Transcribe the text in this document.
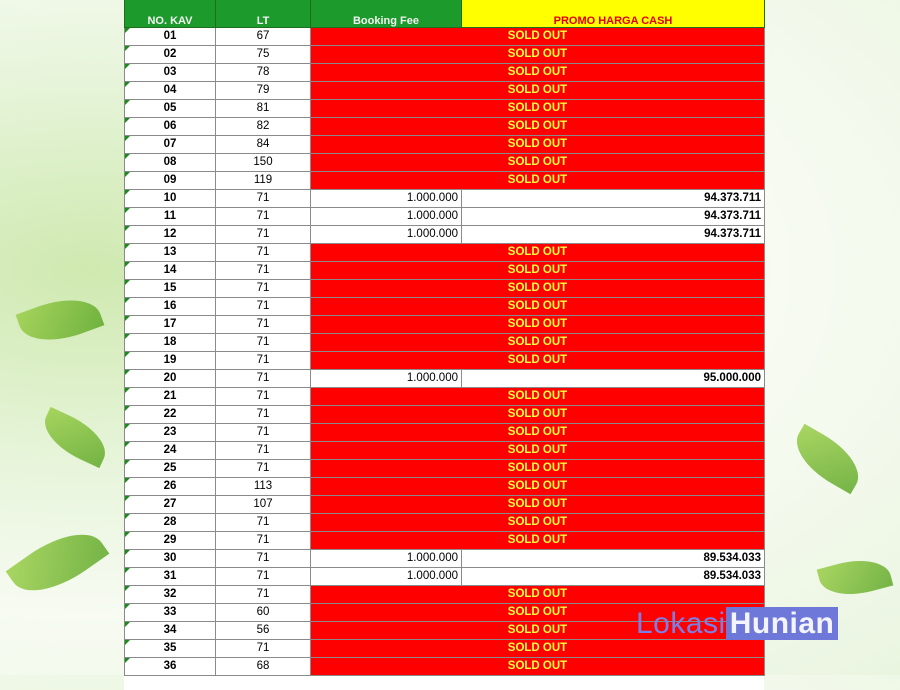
NO. KAV	LT	Booking Fee	PROMO HARGA CASH
01	67	SOLD OUT	
02	75	SOLD OUT	
03	78	SOLD OUT	
04	79	SOLD OUT	
05	81	SOLD OUT	
06	82	SOLD OUT	
07	84	SOLD OUT	
08	150	SOLD OUT	
09	119	SOLD OUT	
10	71	1.000.000	94.373.711
11	71	1.000.000	94.373.711
12	71	1.000.000	94.373.711
13	71	SOLD OUT	
14	71	SOLD OUT	
15	71	SOLD OUT	
16	71	SOLD OUT	
17	71	SOLD OUT	
18	71	SOLD OUT	
19	71	SOLD OUT	
20	71	1.000.000	95.000.000
21	71	SOLD OUT	
22	71	SOLD OUT	
23	71	SOLD OUT	
24	71	SOLD OUT	
25	71	SOLD OUT	
26	113	SOLD OUT	
27	107	SOLD OUT	
28	71	SOLD OUT	
29	71	SOLD OUT	
30	71	1.000.000	89.534.033
31	71	1.000.000	89.534.033
32	71	SOLD OUT	
33	60	SOLD OUT	
34	56	SOLD OUT	
35	71	SOLD OUT	
36	68	SOLD OUT	
Lokasi Hunian
